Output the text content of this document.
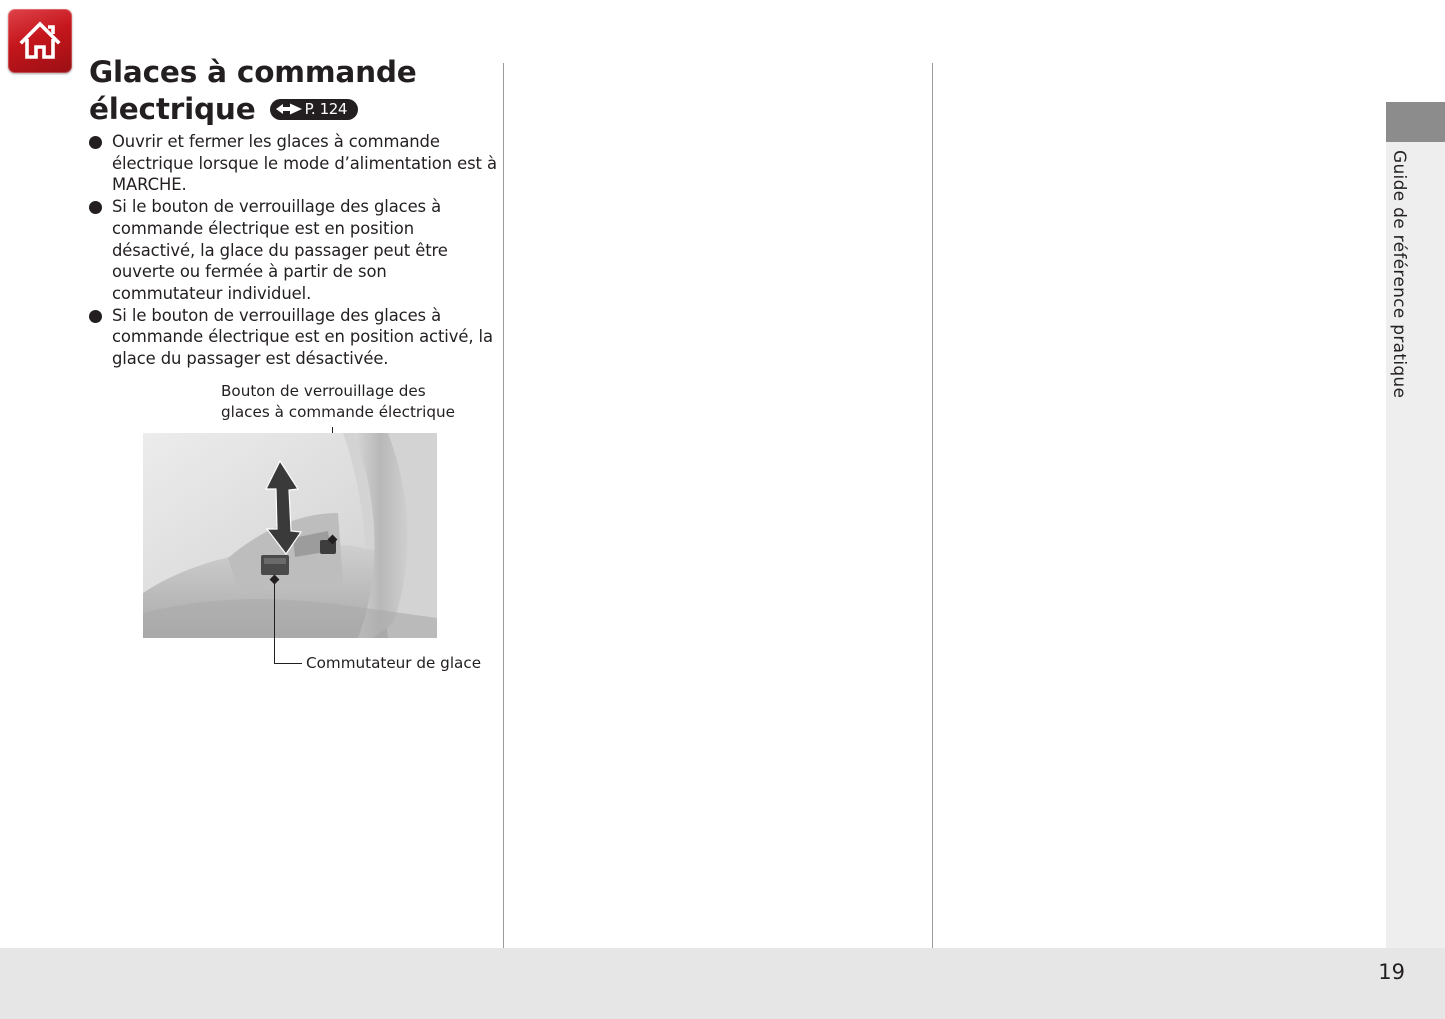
Glaces à commande
électrique	P. 124
Ouvrir et fermer les glaces à commande électrique lorsque le mode d’alimentation est à MARCHE.
Si le bouton de verrouillage des glaces à commande électrique est en position désactivé, la glace du passager peut être ouverte ou fermée à partir de son commutateur individuel.
Si le bouton de verrouillage des glaces à commande électrique est en position activé, la glace du passager est désactivée.
Bouton de verrouillage des
glaces à commande électrique
Commutateur de glace
Guide de référence pratique
19
